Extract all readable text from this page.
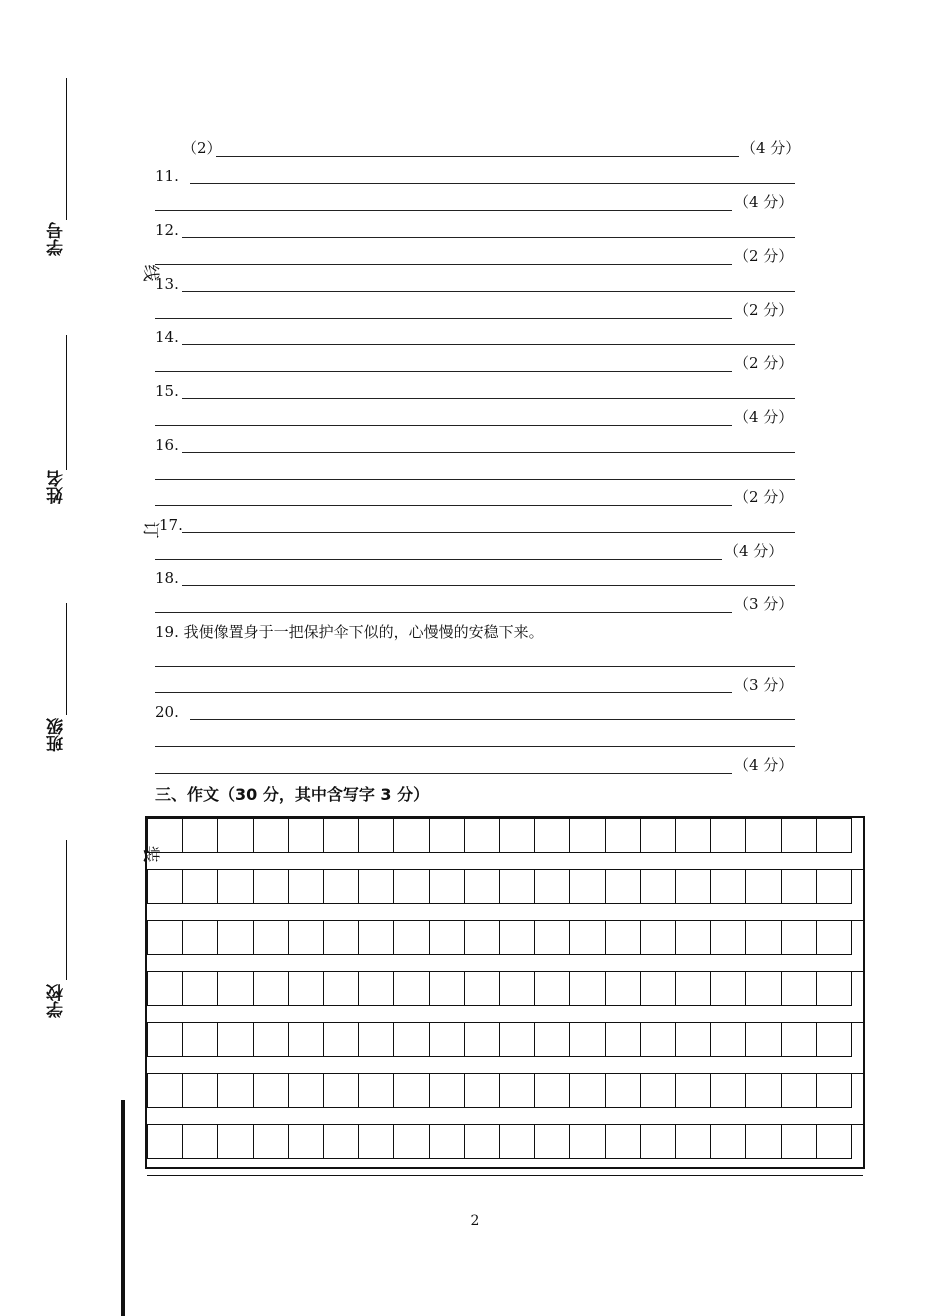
学号
姓名
班级
学校
线
订
装
（2）	（4 分）
11.
（4 分）
12.
（2 分）
13.
（2 分）
14.
（2 分）
15.
（4 分）
16.
（2 分）
17.
（4 分）
18.
（3 分）
19. 我便像置身于一把保护伞下似的，心慢慢的安稳下来。
（3 分）
20.
（4 分）
三、作文（30 分，其中含写字 3 分）
2
